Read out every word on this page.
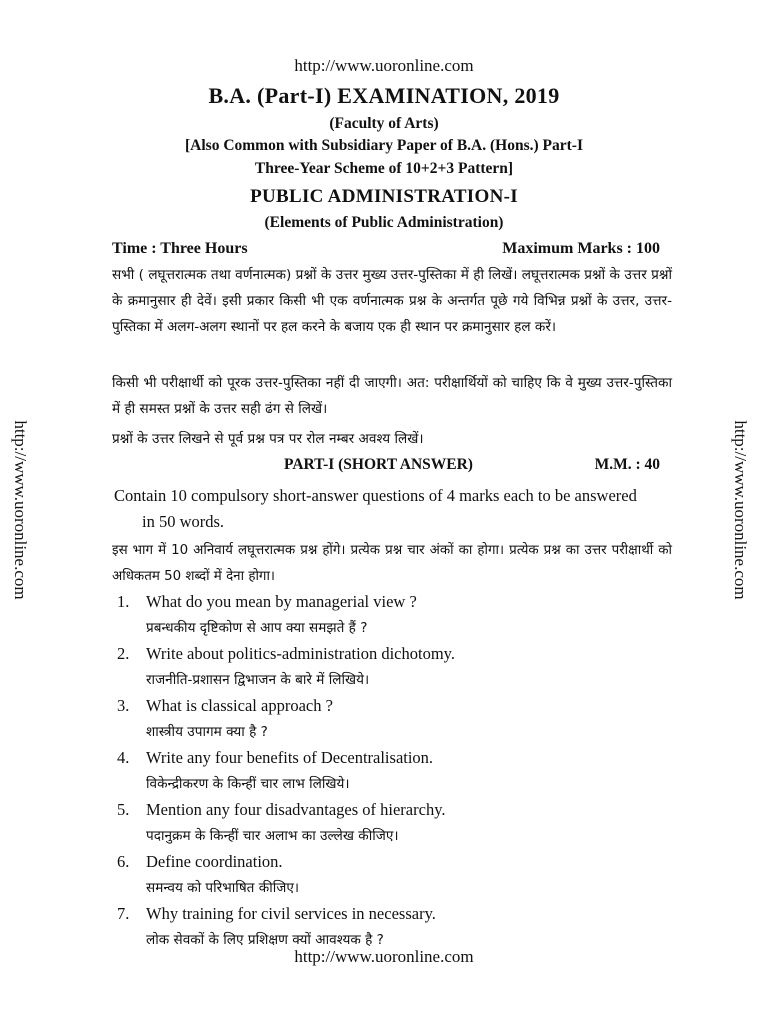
http://www.uoronline.com
http://www.uoronline.com	http://www.uoronline.com
B.A. (Part-I) EXAMINATION, 2019
(Faculty of Arts)
[Also Common with Subsidiary Paper of B.A. (Hons.) Part-I
Three-Year Scheme of 10+2+3 Pattern]
PUBLIC ADMINISTRATION-I
(Elements of Public Administration)
Time : Three Hours	Maximum Marks : 100
सभी ( लघूत्तरात्मक तथा वर्णनात्मक) प्रश्नों के उत्तर मुख्य उत्तर-पुस्तिका में ही लिखें। लघूत्तरात्मक प्रश्नों के उत्तर प्रश्नों के क्रमानुसार ही देवें। इसी प्रकार किसी भी एक वर्णनात्मक प्रश्न के अन्तर्गत पूछे गये विभिन्न प्रश्नों के उत्तर, उत्तर-पुस्तिका में अलग-अलग स्थानों पर हल करने के बजाय एक ही स्थान पर क्रमानुसार हल करें।
किसी भी परीक्षार्थी को पूरक उत्तर-पुस्तिका नहीं दी जाएगी। अत: परीक्षार्थियों को चाहिए कि वे मुख्य उत्तर-पुस्तिका में ही समस्त प्रश्नों के उत्तर सही ढंग से लिखें।
प्रश्नों के उत्तर लिखने से पूर्व प्रश्न पत्र पर रोल नम्बर अवश्य लिखें।
PART-I (SHORT ANSWER)	M.M. : 40
Contain 10 compulsory short-answer questions of 4 marks each to be answered
in 50 words.
इस भाग में 10 अनिवार्य लघूत्तरात्मक प्रश्न होंगे। प्रत्येक प्रश्न चार अंकों का होगा। प्रत्येक प्रश्न का उत्तर परीक्षार्थी को अधिकतम 50 शब्दों में देना होगा।
1. What do you mean by managerial view ?
प्रबन्धकीय दृष्टिकोण से आप क्या समझते हैं ?
2. Write about politics-administration dichotomy.
राजनीति-प्रशासन द्विभाजन के बारे में लिखिये।
3. What is classical approach ?
शास्त्रीय उपागम क्या है ?
4. Write any four benefits of Decentralisation.
विकेन्द्रीकरण के किन्हीं चार लाभ लिखिये।
5. Mention any four disadvantages of hierarchy.
पदानुक्रम के किन्हीं चार अलाभ का उल्लेख कीजिए।
6. Define coordination.
समन्वय को परिभाषित कीजिए।
7. Why training for civil services in necessary.
लोक सेवकों के लिए प्रशिक्षण क्यों आवश्यक है ?
http://www.uoronline.com
